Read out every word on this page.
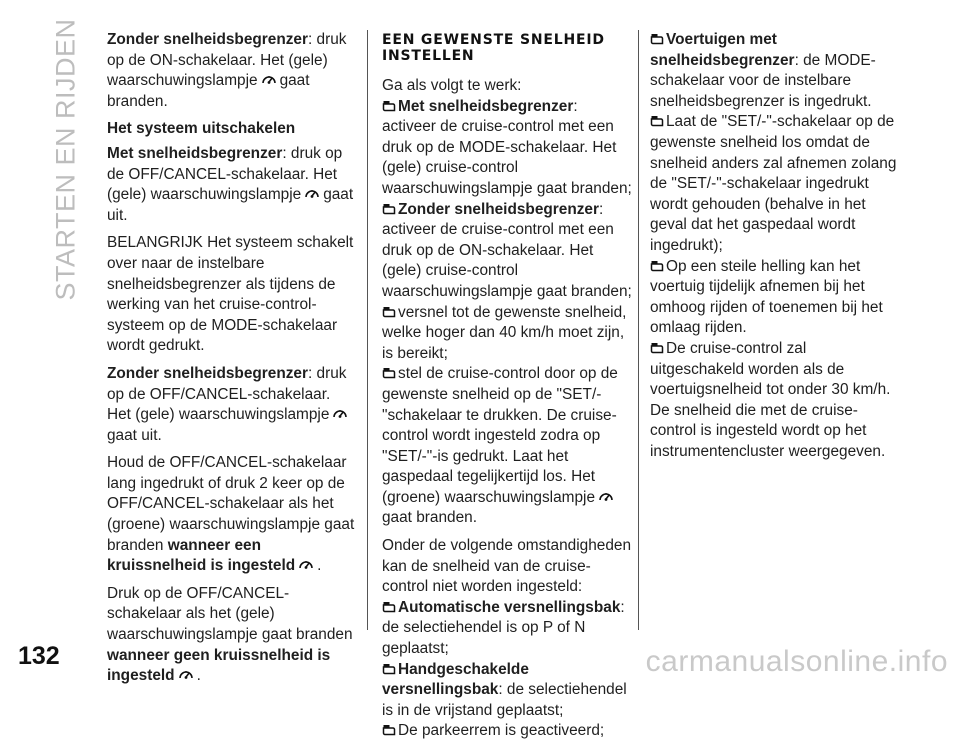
STARTEN EN RIJDEN Zonder snelheidsbegrenzer: druk op de ON-schakelaar. Het (gele) waarschuwingslampje gaat branden.

Het systeem uitschakelen

Met snelheidsbegrenzer: druk op de OFF/CANCEL-schakelaar. Het (gele) waarschuwingslampje gaat uit.

BELANGRIJK Het systeem schakelt over naar de instelbare snelheidsbegrenzer als tijdens de werking van het cruise-control-systeem op de MODE-schakelaar wordt gedrukt.

Zonder snelheidsbegrenzer: druk op de OFF/CANCEL-schakelaar. Het (gele) waarschuwingslampje
gaat uit.

Houd de OFF/CANCEL-schakelaar lang ingedrukt of druk 2 keer op de OFF/CANCEL-schakelaar als het (groene) waarschuwingslampje gaat branden wanneer een kruissnelheid is ingesteld .

Druk op de OFF/CANCEL-schakelaar als het (gele) waarschuwingslampje gaat branden wanneer geen kruissnelheid is ingesteld .

EEN GEWENSTE SNELHEID INSTELLEN

Ga als volgt te werk:

Met snelheidsbegrenzer: activeer de cruise-control met een druk op de MODE-schakelaar. Het (gele) cruise-control waarschuwingslampje gaat branden;

Zonder snelheidsbegrenzer: activeer de cruise-control met een druk op de ON-schakelaar. Het (gele) cruise-control waarschuwingslampje gaat branden;

versnel tot de gewenste snelheid, welke hoger dan 40 km/h moet zijn, is bereikt;

stel de cruise-control door op de gewenste snelheid op de "SET/-"schakelaar te drukken. De cruise-control wordt ingesteld zodra op "SET/-"-is gedrukt. Laat het gaspedaal tegelijkertijd los. Het (groene) waarschuwingslampje
gaat branden.

Onder de volgende omstandigheden kan de snelheid van de cruise-control niet worden ingesteld:

Automatische versnellingsbak: de selectiehendel is op P of N geplaatst;

Handgeschakelde versnellingsbak: de selectiehendel is in de vrijstand geplaatst;

De parkeerrem is geactiveerd;

Voertuigen met snelheidsbegrenzer: de MODE-schakelaar voor de instelbare snelheidsbegrenzer is ingedrukt.

Laat de "SET/-"-schakelaar op de gewenste snelheid los omdat de snelheid anders zal afnemen zolang de "SET/-"-schakelaar ingedrukt wordt gehouden (behalve in het geval dat het gaspedaal wordt ingedrukt);

Op een steile helling kan het voertuig tijdelijk afnemen bij het omhoog rijden of toenemen bij het omlaag rijden.

De cruise-control zal uitgeschakeld worden als de voertuigsnelheid tot onder 30 km/h.

De snelheid die met de cruise-control is ingesteld wordt op het instrumentencluster weergegeven.

132	carmanualsonline.info
